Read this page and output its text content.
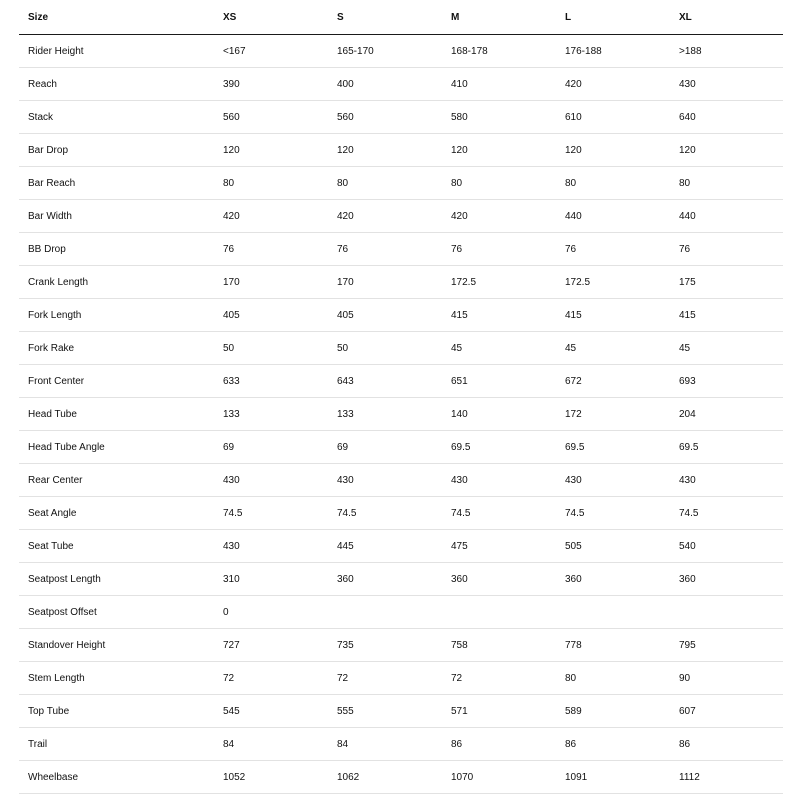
Size	XS	S	M	L	XL
Rider Height	<167	165-170	168-178	176-188	>188
Reach	390	400	410	420	430
Stack	560	560	580	610	640
Bar Drop	120	120	120	120	120
Bar Reach	80	80	80	80	80
Bar Width	420	420	420	440	440
BB Drop	76	76	76	76	76
Crank Length	170	170	172.5	172.5	175
Fork Length	405	405	415	415	415
Fork Rake	50	50	45	45	45
Front Center	633	643	651	672	693
Head Tube	133	133	140	172	204
Head Tube Angle	69	69	69.5	69.5	69.5
Rear Center	430	430	430	430	430
Seat Angle	74.5	74.5	74.5	74.5	74.5
Seat Tube	430	445	475	505	540
Seatpost Length	310	360	360	360	360
Seatpost Offset	0				
Standover Height	727	735	758	778	795
Stem Length	72	72	72	80	90
Top Tube	545	555	571	589	607
Trail	84	84	86	86	86
Wheelbase	1052	1062	1070	1091	1112
